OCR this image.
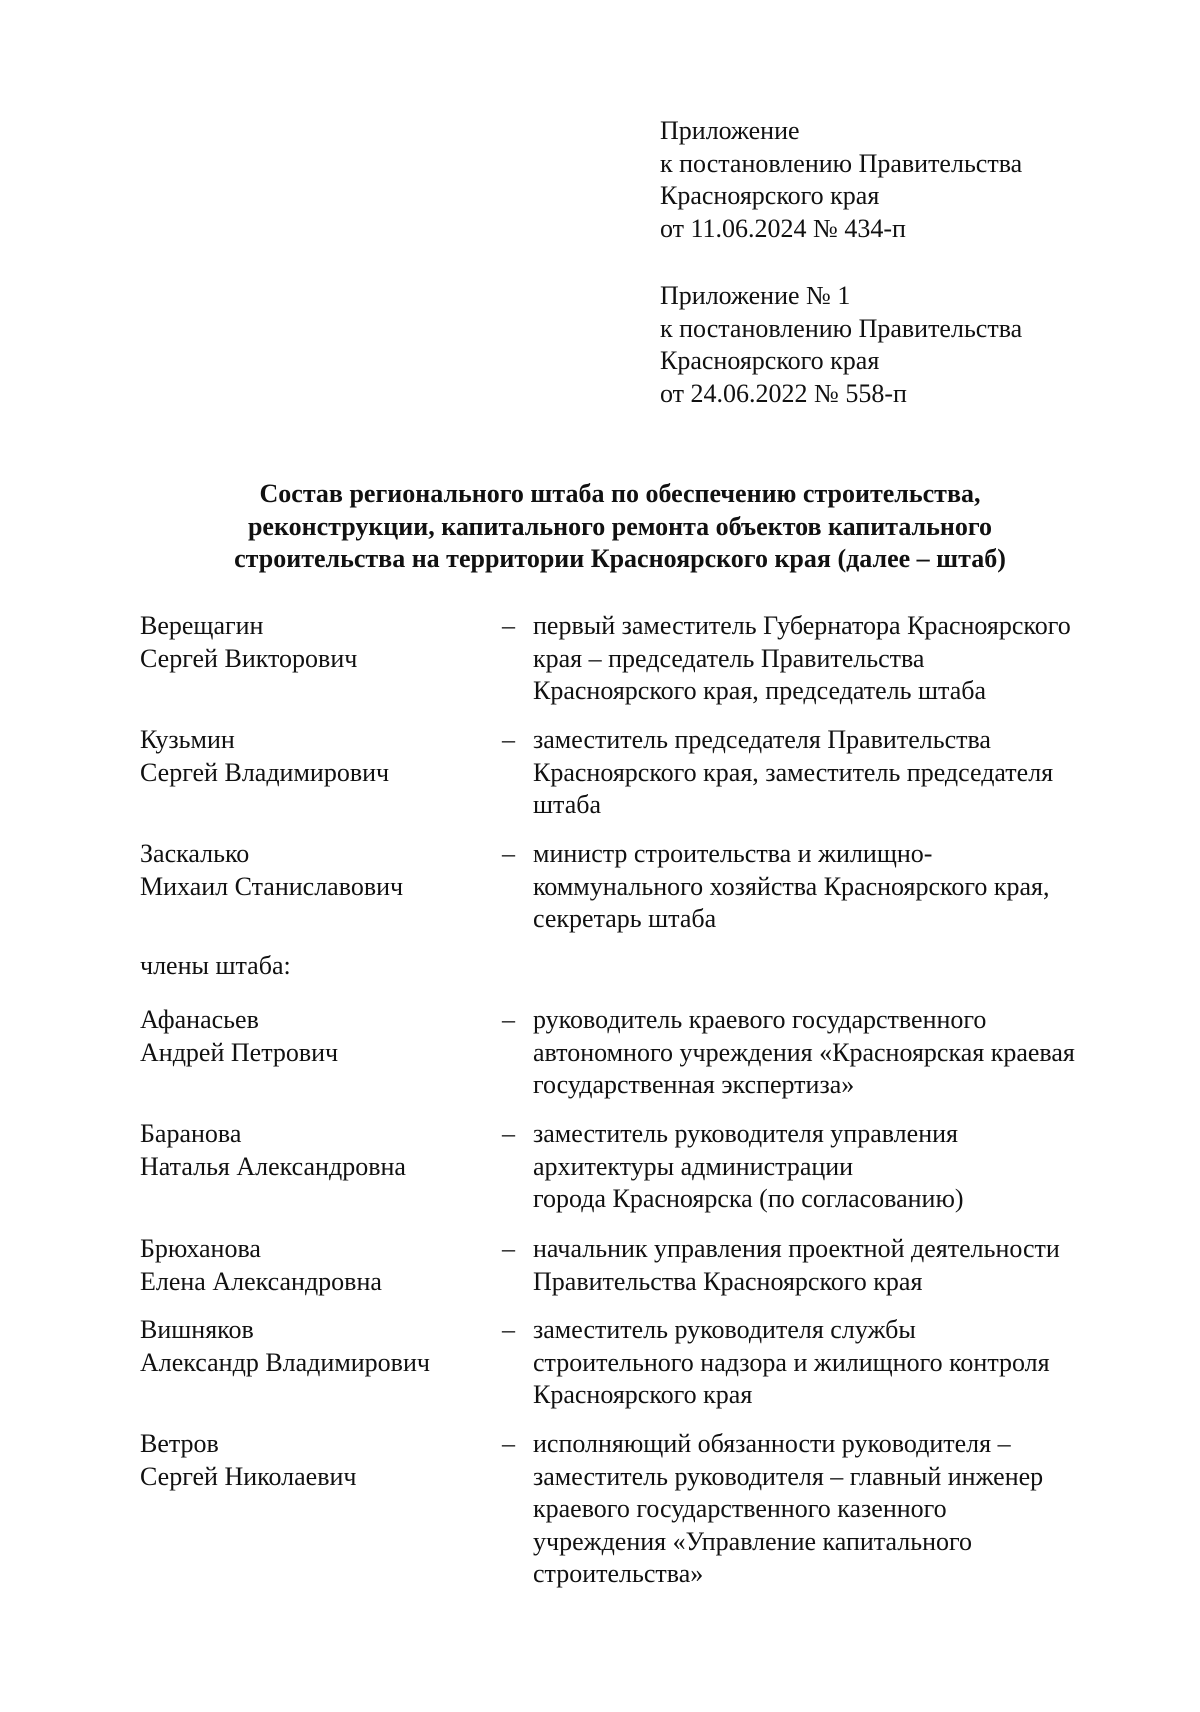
Приложение
к постановлению Правительства
Красноярского края
от 11.06.2024 № 434-п
Приложение № 1
к постановлению Правительства
Красноярского края
от 24.06.2022 № 558-п
Состав регионального штаба по обеспечению строительства,
реконструкции, капитального ремонта объектов капитального
строительства на территории Красноярского края (далее – штаб)
Верещагин
Сергей Викторович
– первый заместитель Губернатора Красноярского
края – председатель Правительства
Красноярского края, председатель штаба
Кузьмин
Сергей Владимирович
– заместитель председателя Правительства
Красноярского края, заместитель председателя
штаба
Заскалько
Михаил Станиславович
– министр строительства и жилищно-
коммунального хозяйства Красноярского края,
секретарь штаба
члены штаба:
Афанасьев
Андрей Петрович
– руководитель краевого государственного
автономного учреждения «Красноярская краевая
государственная экспертиза»
Баранова
Наталья Александровна
– заместитель руководителя управления
архитектуры администрации
города Красноярска (по согласованию)
Брюханова
Елена Александровна
– начальник управления проектной деятельности
Правительства Красноярского края
Вишняков
Александр Владимирович
– заместитель руководителя службы
строительного надзора и жилищного контроля
Красноярского края
Ветров
Сергей Николаевич
– исполняющий обязанности руководителя –
заместитель руководителя – главный инженер
краевого государственного казенного
учреждения «Управление капитального
строительства»
